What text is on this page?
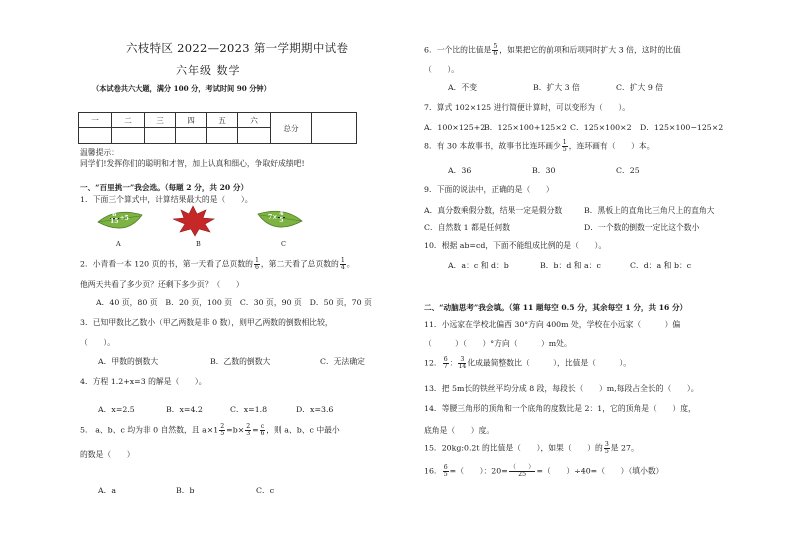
六枝特区 2022—2023 第一学期期中试卷
六年级 数学
（本试卷共六大题，满分 100 分，考试时间 90 分钟）
一	二	三	四	五	六	总分	

温馨提示：
同学们!发挥你们的聪明和才智，加上认真和细心，争取好成绩吧!
一、“百里挑一”我会选。（每题 2 分，共 20 分）
1．下面三个算式中，计算结果最大的是（　　）。
$\frac{8}{15} \div 5$
A	B
$7\times \frac{4}{5}$
C
2．小青看一本 120 页的书，第一天看了总页数的 $\frac{1}{6}$ ，第二天看了总页数的 $\frac{1}{4}$ 。
他两天共看了多少页？还剩下多少页？（　　）
A．40 页，80 页　B．20 页，100 页　C．30 页，90 页　D．50 页，70 页
3．已知甲数比乙数小（甲乙两数是非 0 数），则甲乙两数的倒数相比较，
（　　）。
A．甲数的倒数大	B．乙数的倒数大	C．无法确定
4．方程 1.2+x=3 的解是（　　）。
A．x=2.5	B．x=4.2	C．x=1.8	D．x=3.6
5． a、b、c 均为非 0 自然数，且 $a\times 1 \frac{2}{5} =b\times \frac{2}{3} = \frac{c}{6}$ ，则 a、b、c 中最小
的数是（　　）
A．a	B．b	C．c
6．一个比的比值是 $\frac{5}{6}$ ，如果把它的前项和后项同时扩大 3 倍，这时的比值
（　　）。
A．不变	B．扩大 3 倍	C．扩大 9 倍
7．算式 102×125 进行简便计算时，可以变形为（　　）。
A．100×125+2
B．125×100+125×2 C．125×100×2 D．125×100−125×2
8．有 30 本故事书，故事书比连环画少 $\frac{1}{5}$ ，连环画有（　　）本。
A．36	B．30	C．25
9．下面的说法中，正确的是（　　）
A．真分数乘假分数，结果一定是假分数	B．黑板上的直角比三角尺上的直角大
C．自然数 1 都是任何数	D．一个数的倒数一定比这个数小
10．根据 ab=cd，下面不能组成比例的是（　　）。
A．a：c 和 d：b	B．b：d 和 a：c	C．d：a 和 b：c
二、“动脑思考”我会填。（第 11 题每空 0.5 分，其余每空 1 分，共 16 分）
11．小远家在学校北偏西 30°方向 400m 处，学校在小远家（　　　）偏
（　　　）（　　）°方向（　　　）m处。
12． $\frac{6}{7}$ ： $\frac{3}{14}$ 化成最简整数比（　　　），比值是（　　　）。
13．把 5m长的铁丝平均分成 8 段，每段长（　　）m,每段占全长的（　　）。
14．等腰三角形的顶角和一个底角的度数比是 2：1，它的顶角是（　　）度，
底角是（　　）度。
15．20kg:0.2t 的比值是（　　），如果（　　）的 $\frac{3}{5}$ 是 27。
16． $\frac{6}{5}$ =（　　）：$20= \frac{( )}{25}$ =（　　）÷40=（　　）（填小数）
